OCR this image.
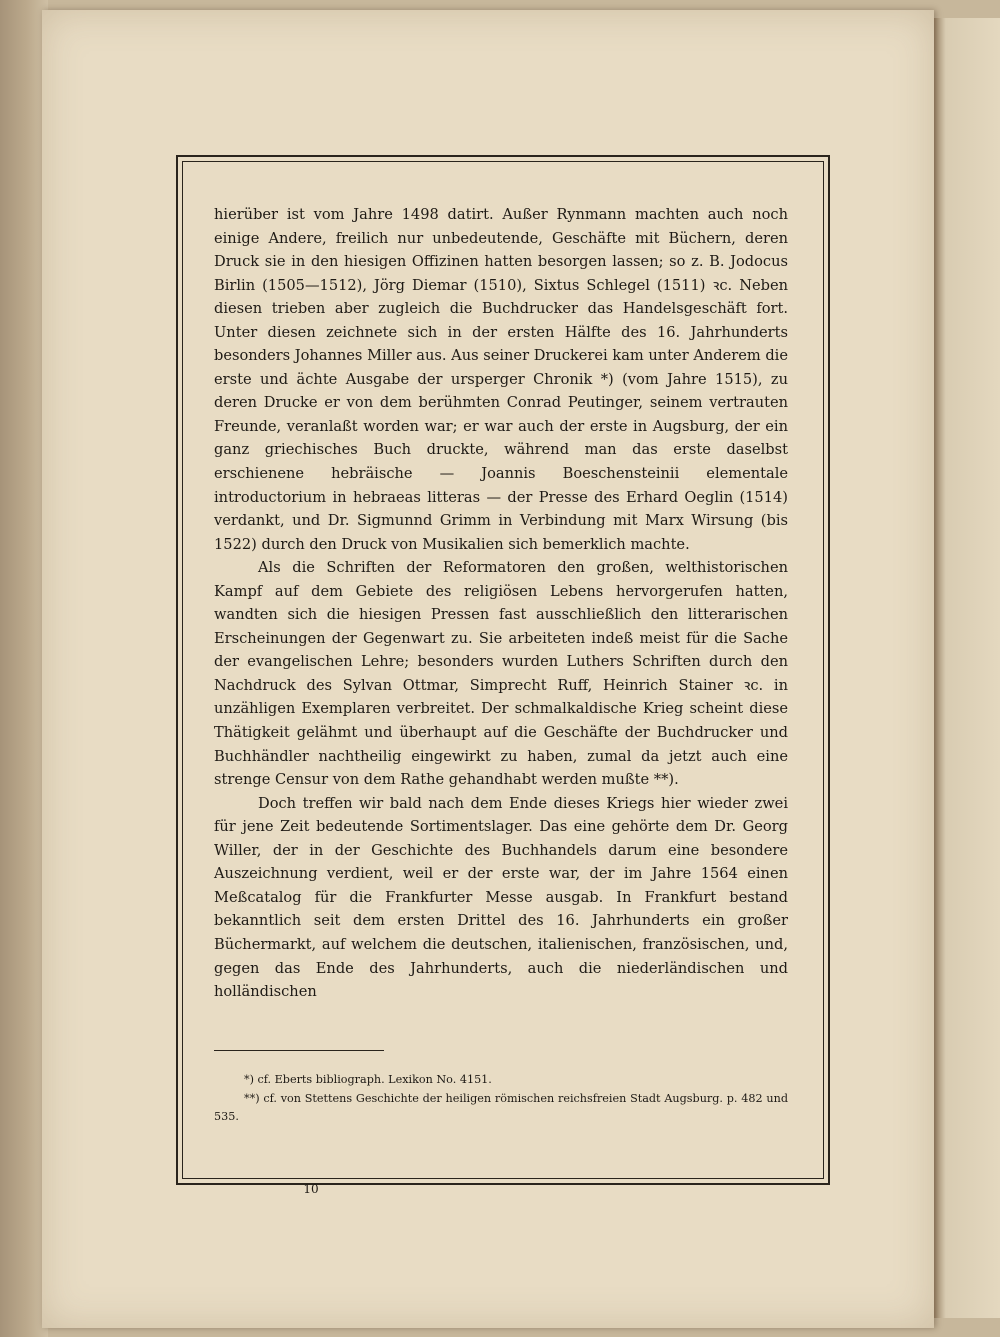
hierüber ist vom Jahre 1498 datirt. Außer Rynmann machten auch noch einige Andere, freilich nur unbedeutende, Geschäfte mit Büchern, deren Druck sie in den hiesigen Offizinen hatten besorgen lassen; so z. B. Jodocus Birlin (1505—1512), Jörg Diemar (1510), Sixtus Schlegel (1511) ꝛc. Neben diesen trieben aber zugleich die Buchdrucker das Handelsgeschäft fort. Unter diesen zeichnete sich in der ersten Hälfte des 16. Jahrhunderts besonders Johannes Miller aus. Aus seiner Druckerei kam unter Anderem die erste und ächte Ausgabe der ursperger Chronik *) (vom Jahre 1515), zu deren Drucke er von dem berühmten Conrad Peutinger, seinem vertrauten Freunde, veranlaßt worden war; er war auch der erste in Augsburg, der ein ganz griechisches Buch druckte, während man das erste daselbst erschienene hebräische — Joannis Boeschensteinii elementale introductorium in hebraeas litteras — der Presse des Erhard Oeglin (1514) verdankt, und Dr. Sigmunnd Grimm in Verbindung mit Marx Wirsung (bis 1522) durch den Druck von Musikalien sich bemerklich machte.

Als die Schriften der Reformatoren den großen, welthistorischen Kampf auf dem Gebiete des religiösen Lebens hervorgerufen hatten, wandten sich die hiesigen Pressen fast ausschließlich den litterarischen Erscheinungen der Gegenwart zu. Sie arbeiteten indeß meist für die Sache der evangelischen Lehre; besonders wurden Luthers Schriften durch den Nachdruck des Sylvan Ottmar, Simprecht Ruff, Heinrich Stainer ꝛc. in unzähligen Exemplaren verbreitet. Der schmalkaldische Krieg scheint diese Thätigkeit gelähmt und überhaupt auf die Geschäfte der Buchdrucker und Buchhändler nachtheilig eingewirkt zu haben, zumal da jetzt auch eine strenge Censur von dem Rathe gehandhabt werden mußte **).

Doch treffen wir bald nach dem Ende dieses Kriegs hier wieder zwei für jene Zeit bedeutende Sortimentslager. Das eine gehörte dem Dr. Georg Willer, der in der Geschichte des Buchhandels darum eine besondere Auszeichnung verdient, weil er der erste war, der im Jahre 1564 einen Meßcatalog für die Frankfurter Messe ausgab. In Frankfurt bestand bekanntlich seit dem ersten Drittel des 16. Jahrhunderts ein großer Büchermarkt, auf welchem die deutschen, italienischen, französischen, und, gegen das Ende des Jahrhunderts, auch die niederländischen und holländischen

*) cf. Eberts bibliograph. Lexikon No. 4151.

**) cf. von Stettens Geschichte der heiligen römischen reichsfreien Stadt Augsburg. p. 482 und 535.

10
